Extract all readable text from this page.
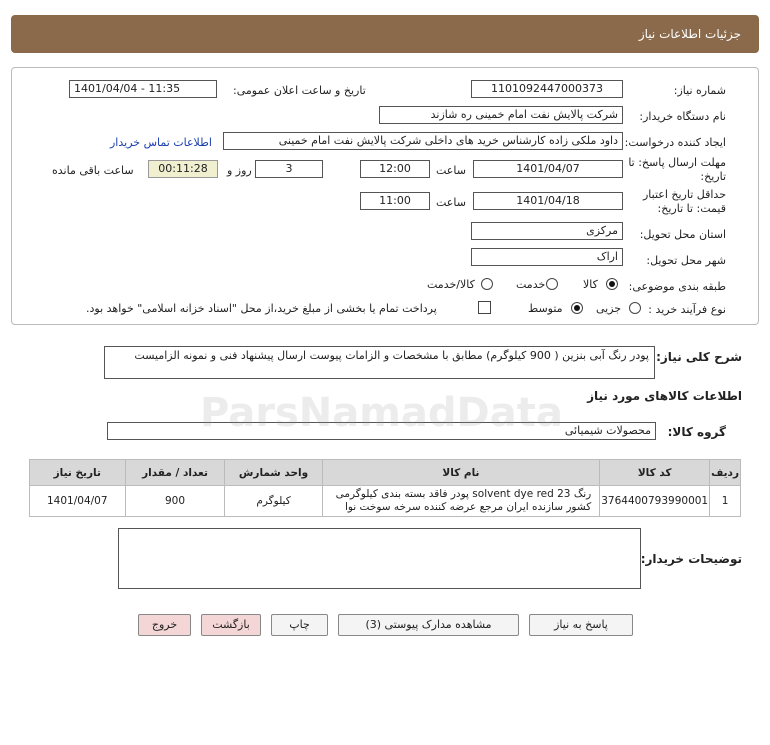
جزئیات اطلاعات نیاز
شماره نیاز:
1101092447000373
تاریخ و ساعت اعلان عمومی:
1401/04/04 - 11:35
نام دستگاه خریدار:
شرکت پالایش نفت امام خمینی ره شازند
ایجاد کننده درخواست:
داود ملکی زاده کارشناس خرید های داخلی شرکت پالایش نفت امام خمینی
اطلاعات تماس خریدار
مهلت ارسال پاسخ: تا
تاریخ:
1401/04/07
ساعت
12:00
3
روز و
00:11:28
ساعت باقی مانده
حداقل تاریخ اعتبار
قیمت: تا تاریخ:
1401/04/18
ساعت
11:00
استان محل تحویل:
مرکزی
شهر محل تحویل:
اراک
طبقه بندی موضوعی:
کالا
خدمت
کالا/خدمت
نوع فرآیند خرید :
جزیی
متوسط
پرداخت تمام یا بخشی از مبلغ خرید،از محل "اسناد خزانه اسلامی" خواهد بود.
شرح کلی نیاز:
پودر رنگ آبی بنزین ( 900 کیلوگرم) مطابق با مشخصات و الزامات پیوست ارسال پیشنهاد فنی و نمونه الزامیست
اطلاعات کالاهای مورد نیاز
گروه کالا:
محصولات شیمیائی
ParsNamadData
ردیف	کد کالا	نام کالا	واحد شمارش	تعداد / مقدار	تاریخ نیاز
1	3764400793990001	رنگ solvent dye red 23 پودر فاقد بسته بندی کیلوگرمی کشور سازنده ایران مرجع عرضه کننده سرخه سوخت نوا	کیلوگرم	900	1401/04/07
توضیحات خریدار:
پاسخ به نیاز
مشاهده مدارک پیوستی (3)
چاپ
بازگشت
خروج
